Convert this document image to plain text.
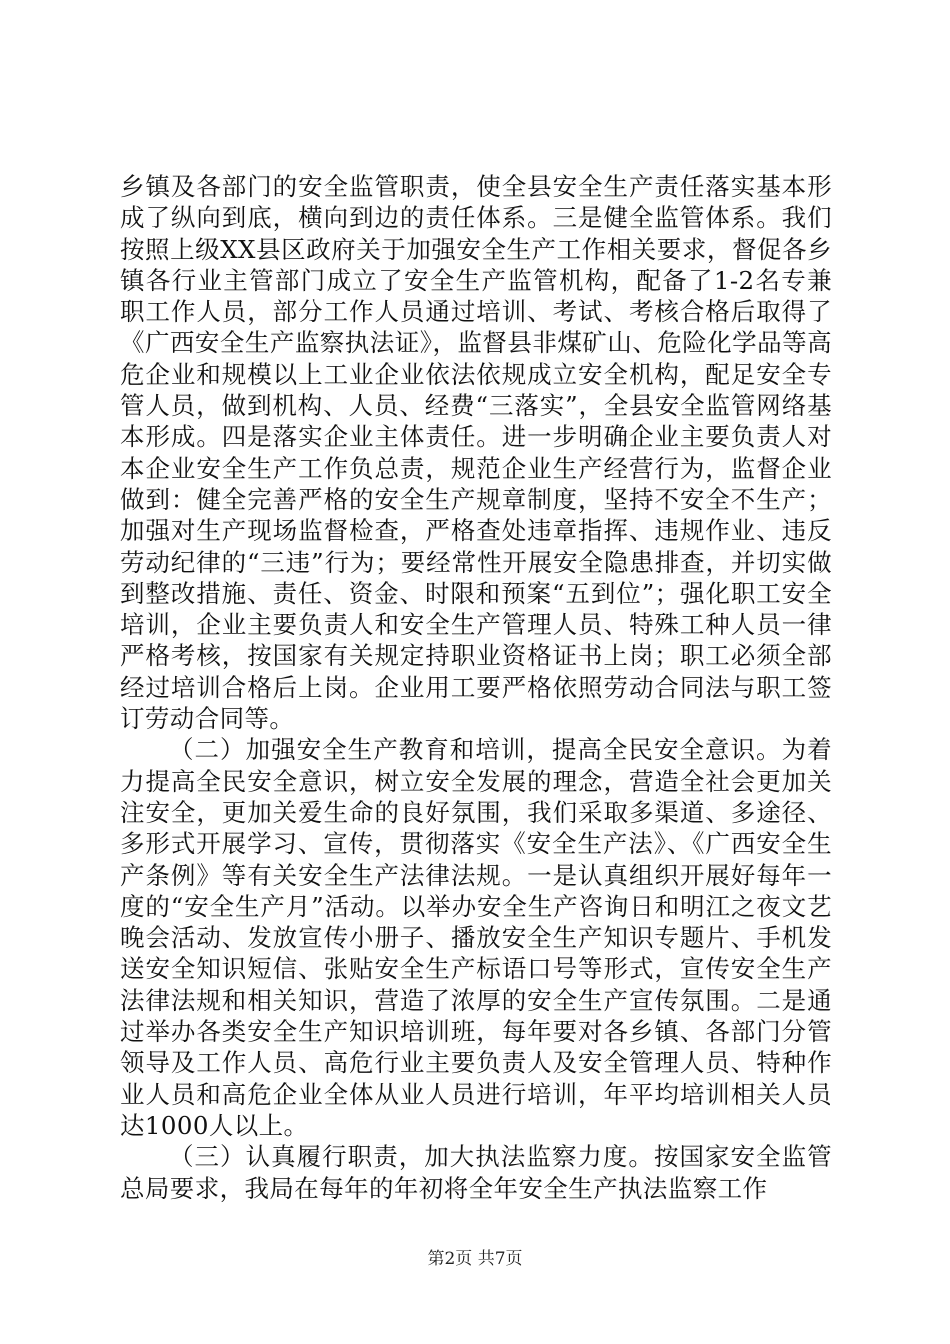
乡镇及各部门的安全监管职责，使全县安全生产责任落实基本形成了纵向到底，横向到边的责任体系。三是健全监管体系。我们按照上级XX县区政府关于加强安全生产工作相关要求，督促各乡镇各行业主管部门成立了安全生产监管机构，配备了1-2名专兼职工作人员，部分工作人员通过培训、考试、考核合格后取得了《广西安全生产监察执法证》，监督县非煤矿山、危险化学品等高危企业和规模以上工业企业依法依规成立安全机构，配足安全专管人员，做到机构、人员、经费“三落实”，全县安全监管网络基本形成。四是落实企业主体责任。进一步明确企业主要负责人对本企业安全生产工作负总责，规范企业生产经营行为，监督企业做到：健全完善严格的安全生产规章制度，坚持不安全不生产；加强对生产现场监督检查，严格查处违章指挥、违规作业、违反劳动纪律的“三违”行为；要经常性开展安全隐患排查，并切实做到整改措施、责任、资金、时限和预案“五到位”；强化职工安全培训，企业主要负责人和安全生产管理人员、特殊工种人员一律严格考核，按国家有关规定持职业资格证书上岗；职工必须全部经过培训合格后上岗。企业用工要严格依照劳动合同法与职工签订劳动合同等。

（二）加强安全生产教育和培训，提高全民安全意识。为着力提高全民安全意识，树立安全发展的理念，营造全社会更加关注安全，更加关爱生命的良好氛围，我们采取多渠道、多途径、多形式开展学习、宣传，贯彻落实《安全生产法》、《广西安全生产条例》等有关安全生产法律法规。一是认真组织开展好每年一度的“安全生产月”活动。以举办安全生产咨询日和明江之夜文艺晚会活动、发放宣传小册子、播放安全生产知识专题片、手机发送安全知识短信、张贴安全生产标语口号等形式，宣传安全生产法律法规和相关知识，营造了浓厚的安全生产宣传氛围。二是通过举办各类安全生产知识培训班，每年要对各乡镇、各部门分管领导及工作人员、高危行业主要负责人及安全管理人员、特种作业人员和高危企业全体从业人员进行培训，年平均培训相关人员达1000人以上。

（三）认真履行职责，加大执法监察力度。按国家安全监管总局要求，我局在每年的年初将全年安全生产执法监察工作

第2页 共7页
